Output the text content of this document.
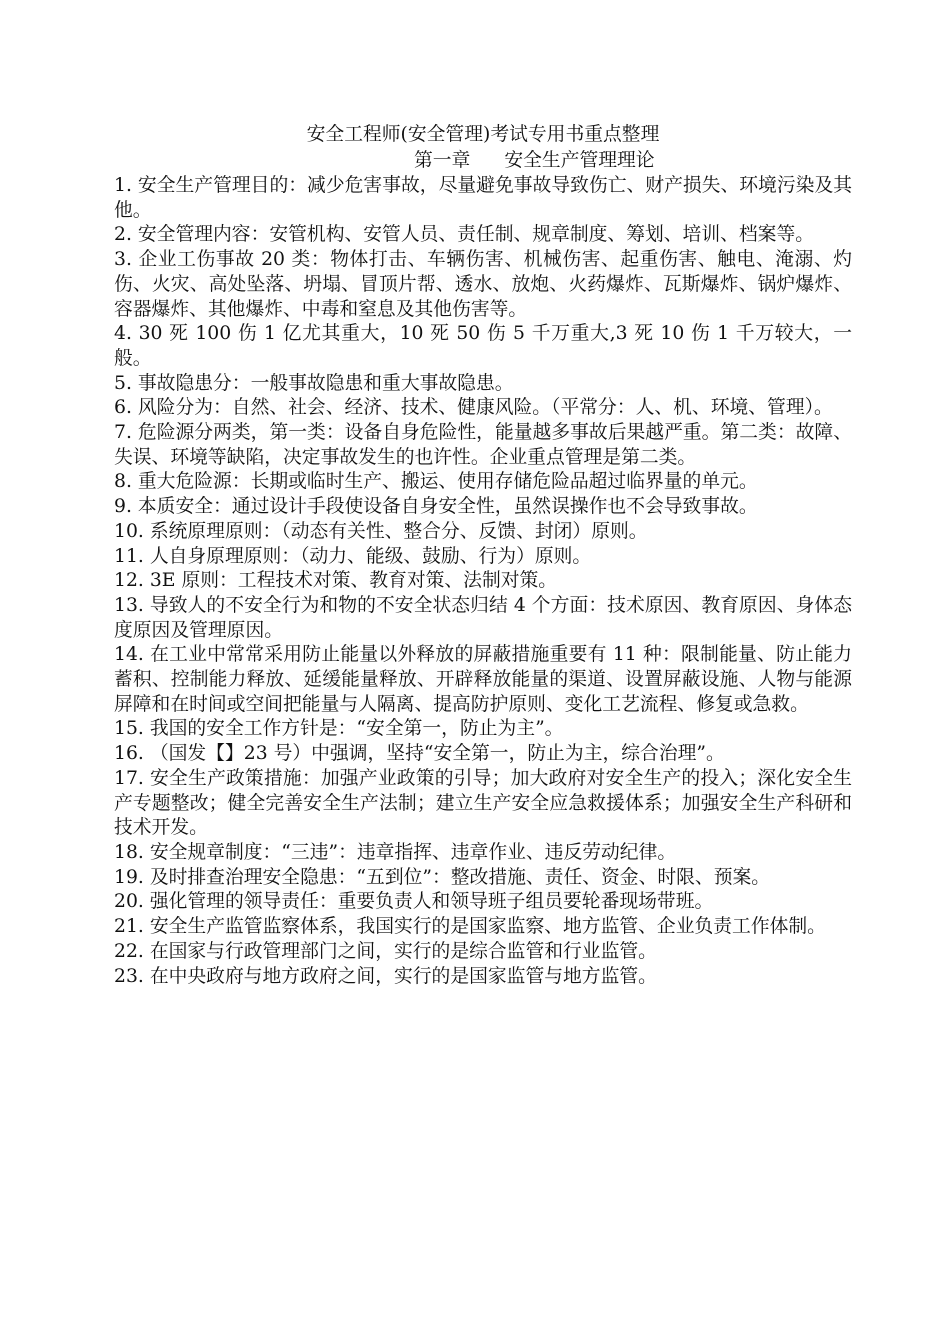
安全工程师(安全管理)考试专用书重点整理
第一章 安全生产管理理论

1. 安全生产管理目的：减少危害事故，尽量避免事故导致伤亡、财产损失、环境污染及其他。

2. 安全管理内容：安管机构、安管人员、责任制、规章制度、筹划、培训、档案等。

3. 企业工伤事故 20 类：物体打击、车辆伤害、机械伤害、起重伤害、触电、淹溺、灼伤、火灾、高处坠落、坍塌、冒顶片帮、透水、放炮、火药爆炸、瓦斯爆炸、锅炉爆炸、容器爆炸、其他爆炸、中毒和窒息及其他伤害等。

4. 30 死 100 伤 1 亿尤其重大，10 死 50 伤 5 千万重大,3 死 10 伤 1 千万较大，一般。

5. 事故隐患分：一般事故隐患和重大事故隐患。

6. 风险分为：自然、社会、经济、技术、健康风险。（平常分：人、机、环境、管理）。

7. 危险源分两类，第一类：设备自身危险性，能量越多事故后果越严重。第二类：故障、失误、环境等缺陷，决定事故发生的也许性。企业重点管理是第二类。

8. 重大危险源：长期或临时生产、搬运、使用存储危险品超过临界量的单元。

9. 本质安全：通过设计手段使设备自身安全性，虽然误操作也不会导致事故。

10. 系统原理原则：（动态有关性、整合分、反馈、封闭）原则。

11. 人自身原理原则：（动力、能级、鼓励、行为）原则。

12. 3E 原则：工程技术对策、教育对策、法制对策。

13. 导致人的不安全行为和物的不安全状态归结 4 个方面：技术原因、教育原因、身体态度原因及管理原因。

14. 在工业中常常采用防止能量以外释放的屏蔽措施重要有 11 种：限制能量、防止能力蓄积、控制能力释放、延缓能量释放、开辟释放能量的渠道、设置屏蔽设施、人物与能源屏障和在时间或空间把能量与人隔离、提高防护原则、变化工艺流程、修复或急救。

15. 我国的安全工作方针是：“安全第一，防止为主”。

16. （国发【】23 号）中强调，坚持“安全第一，防止为主，综合治理”。

17. 安全生产政策措施：加强产业政策的引导；加大政府对安全生产的投入；深化安全生产专题整改；健全完善安全生产法制；建立生产安全应急救援体系；加强安全生产科研和技术开发。

18. 安全规章制度：“三违”：违章指挥、违章作业、违反劳动纪律。

19. 及时排查治理安全隐患：“五到位”：整改措施、责任、资金、时限、预案。

20. 强化管理的领导责任：重要负责人和领导班子组员要轮番现场带班。

21. 安全生产监管监察体系，我国实行的是国家监察、地方监管、企业负责工作体制。

22. 在国家与行政管理部门之间，实行的是综合监管和行业监管。

23. 在中央政府与地方政府之间，实行的是国家监管与地方监管。
